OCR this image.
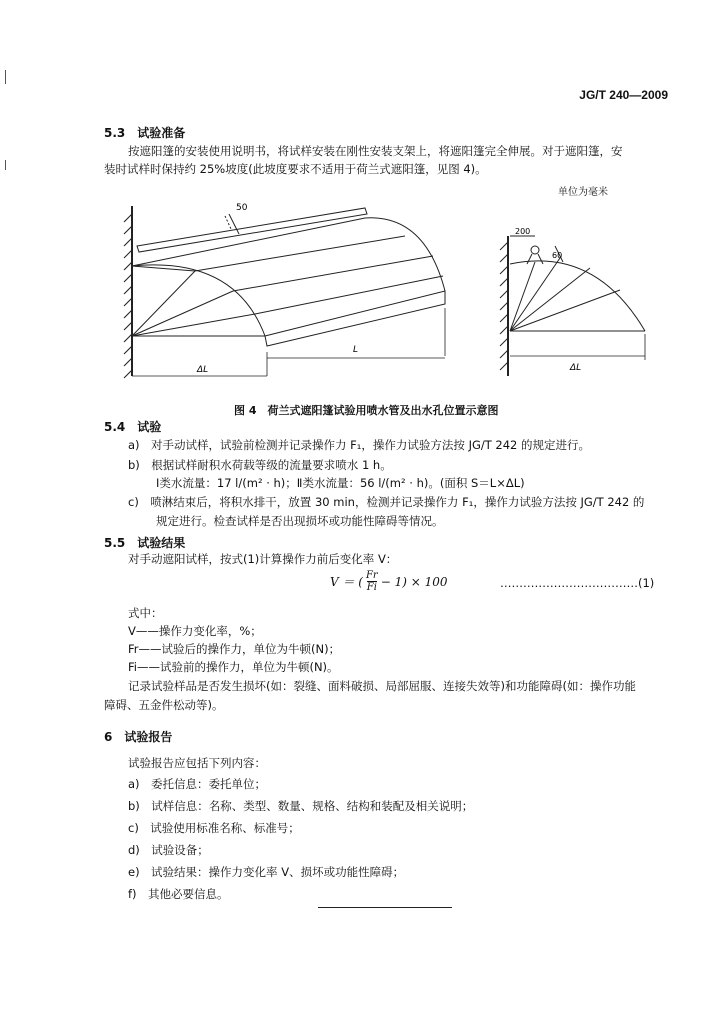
JG/T 240—2009
5.3　试验准备
按遮阳篷的安装使用说明书，将试样安装在刚性安装支架上，将遮阳篷完全伸展。对于遮阳篷，安
装时试样时保持约 25%坡度(此坡度要求不适用于荷兰式遮阳篷，见图 4)。
单位为毫米
50
L
ΔL
200
60
ΔL
图 4　荷兰式遮阳篷试验用喷水管及出水孔位置示意图
5.4　试验
a)　对手动试样，试验前检测并记录操作力 F₁，操作力试验方法按 JG/T 242 的规定进行。
b)　根据试样耐积水荷载等级的流量要求喷水 1 h。
Ⅰ类水流量：17 l/(m² · h)；Ⅱ类水流量：56 l/(m² · h)。(面积 S＝L×ΔL)
c)　喷淋结束后，将积水排干，放置 30 min，检测并记录操作力 F₁，操作力试验方法按 JG/T 242 的
规定进行。检查试样是否出现损坏或功能性障碍等情况。
5.5　试验结果
对手动遮阳试样，按式(1)计算操作力前后变化率 V：
V ＝ ( $\frac{Fr}{Fi} - 1) \times 100$	………………………………(1)
式中：
V——操作力变化率，%；
Fr——试验后的操作力，单位为牛顿(N)；
Fi——试验前的操作力，单位为牛顿(N)。
记录试验样品是否发生损坏(如：裂缝、面料破损、局部屈服、连接失效等)和功能障碍(如：操作功能
障碍、五金件松动等)。
6　试验报告
试验报告应包括下列内容：
a)　委托信息：委托单位；
b)　试样信息：名称、类型、数量、规格、结构和装配及相关说明；
c)　试验使用标准名称、标准号；
d)　试验设备；
e)　试验结果：操作力变化率 V、损坏或功能性障碍；
f)　其他必要信息。
